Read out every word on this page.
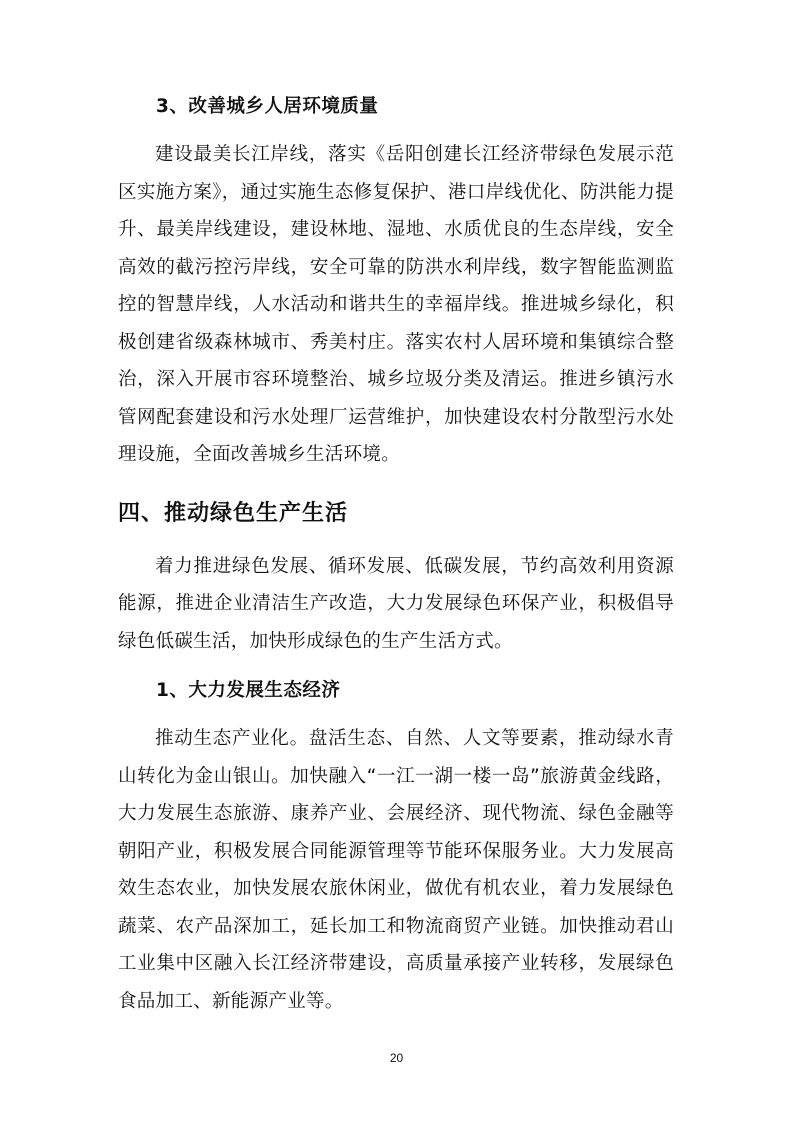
3、改善城乡人居环境质量

建设最美长江岸线，落实《岳阳创建长江经济带绿色发展示范区实施方案》，通过实施生态修复保护、港口岸线优化、防洪能力提升、最美岸线建设，建设林地、湿地、水质优良的生态岸线，安全高效的截污控污岸线，安全可靠的防洪水利岸线，数字智能监测监控的智慧岸线，人水活动和谐共生的幸福岸线。推进城乡绿化，积极创建省级森林城市、秀美村庄。落实农村人居环境和集镇综合整治，深入开展市容环境整治、城乡垃圾分类及清运。推进乡镇污水管网配套建设和污水处理厂运营维护，加快建设农村分散型污水处理设施，全面改善城乡生活环境。

四、推动绿色生产生活

着力推进绿色发展、循环发展、低碳发展，节约高效利用资源能源，推进企业清洁生产改造，大力发展绿色环保产业，积极倡导绿色低碳生活，加快形成绿色的生产生活方式。

1、大力发展生态经济

推动生态产业化。盘活生态、自然、人文等要素，推动绿水青山转化为金山银山。加快融入“一江一湖一楼一岛”旅游黄金线路，大力发展生态旅游、康养产业、会展经济、现代物流、绿色金融等朝阳产业，积极发展合同能源管理等节能环保服务业。大力发展高效生态农业，加快发展农旅休闲业，做优有机农业，着力发展绿色蔬菜、农产品深加工，延长加工和物流商贸产业链。加快推动君山工业集中区融入长江经济带建设，高质量承接产业转移，发展绿色食品加工、新能源产业等。

20
